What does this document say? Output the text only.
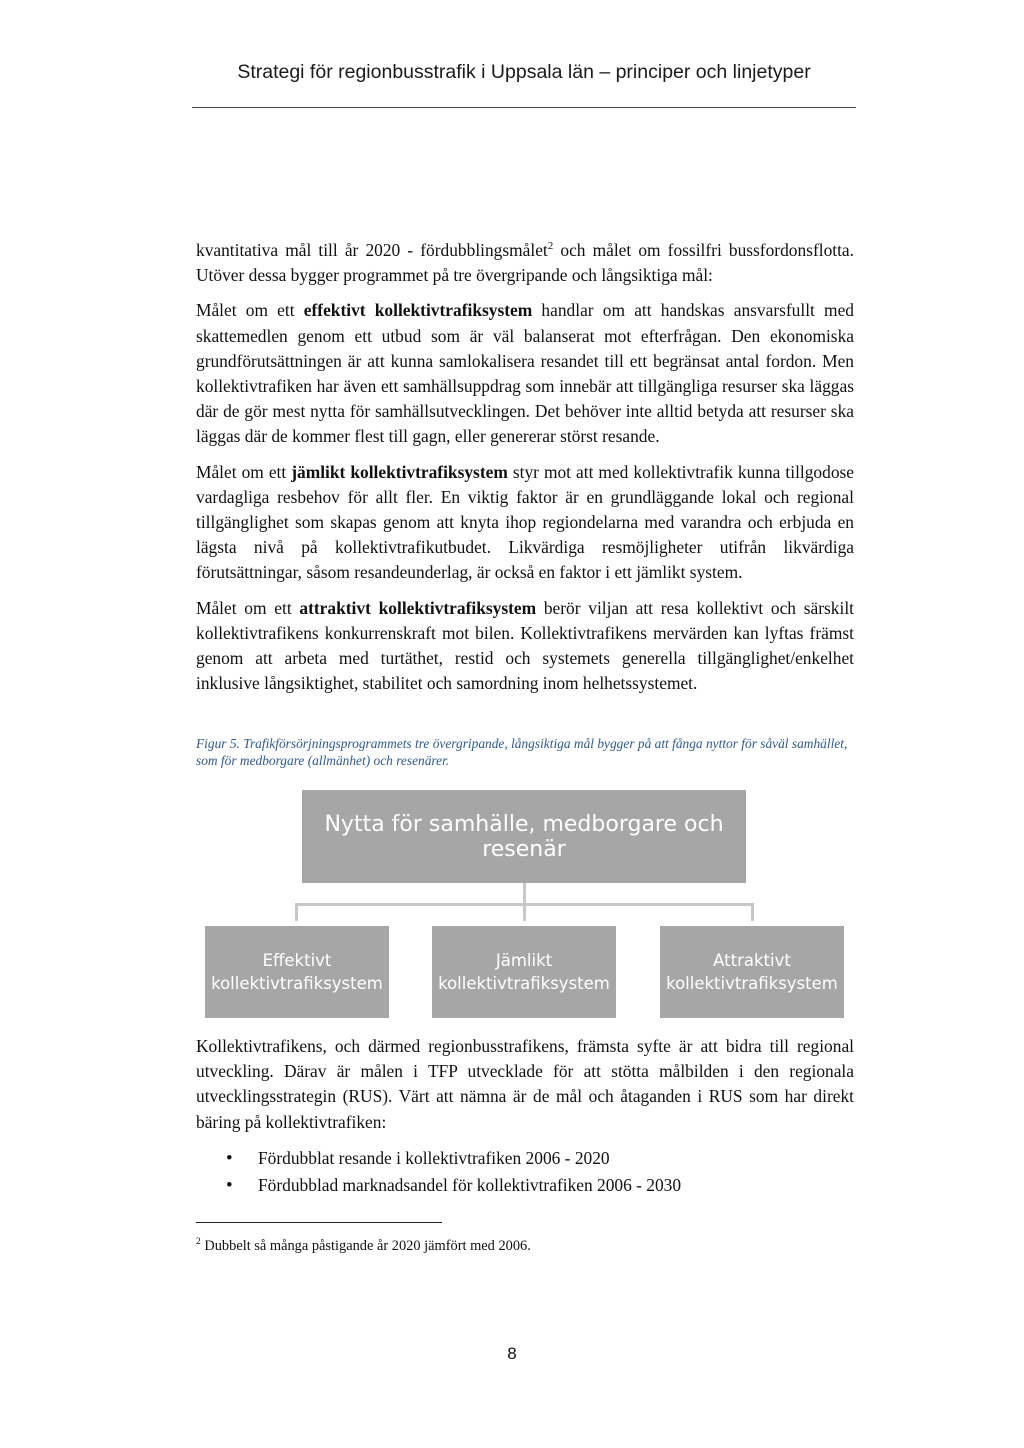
Strategi för regionbusstrafik i Uppsala län – principer och linjetyper

kvantitativa mål till år 2020 - fördubblingsmålet$^2$ och målet om fossilfri bussfordonsflotta. Utöver dessa bygger programmet på tre övergripande och långsiktiga mål:

Målet om ett effektivt kollektivtrafiksystem handlar om att handskas ansvarsfullt med skattemedlen genom ett utbud som är väl balanserat mot efterfrågan. Den ekonomiska grundförutsättningen är att kunna samlokalisera resandet till ett begränsat antal fordon. Men kollektivtrafiken har även ett samhällsuppdrag som innebär att tillgängliga resurser ska läggas där de gör mest nytta för samhällsutvecklingen. Det behöver inte alltid betyda att resurser ska läggas där de kommer flest till gagn, eller genererar störst resande.

Målet om ett jämlikt kollektivtrafiksystem styr mot att med kollektivtrafik kunna tillgodose vardagliga resbehov för allt fler. En viktig faktor är en grundläggande lokal och regional tillgänglighet som skapas genom att knyta ihop regiondelarna med varandra och erbjuda en lägsta nivå på kollektivtrafikutbudet. Likvärdiga resmöjligheter utifrån likvärdiga förutsättningar, såsom resandeunderlag, är också en faktor i ett jämlikt system.

Målet om ett attraktivt kollektivtrafiksystem berör viljan att resa kollektivt och särskilt kollektivtrafikens konkurrenskraft mot bilen. Kollektivtrafikens mervärden kan lyftas främst genom att arbeta med turtäthet, restid och systemets generella tillgänglighet/enkelhet inklusive långsiktighet, stabilitet och samordning inom helhetssystemet.

Figur 5. Trafikförsörjningsprogrammets tre övergripande, långsiktiga mål bygger på att fånga nyttor för såväl samhället, som för medborgare (allmänhet) och resenärer.
Nytta för samhälle, medborgare och resenär
Effektivt
kollektivtrafiksystem
Jämlikt
kollektivtrafiksystem
Attraktivt
kollektivtrafiksystem

Kollektivtrafikens, och därmed regionbusstrafikens, främsta syfte är att bidra till regional utveckling. Därav är målen i TFP utvecklade för att stötta målbilden i den regionala utvecklingsstrategin (RUS). Värt att nämna är de mål och åtaganden i RUS som har direkt bäring på kollektivtrafiken:

• Fördubblat resande i kollektivtrafiken 2006 - 2020
• Fördubblad marknadsandel för kollektivtrafiken 2006 - 2030
$^2$ Dubbelt så många påstigande år 2020 jämfört med 2006.
8
